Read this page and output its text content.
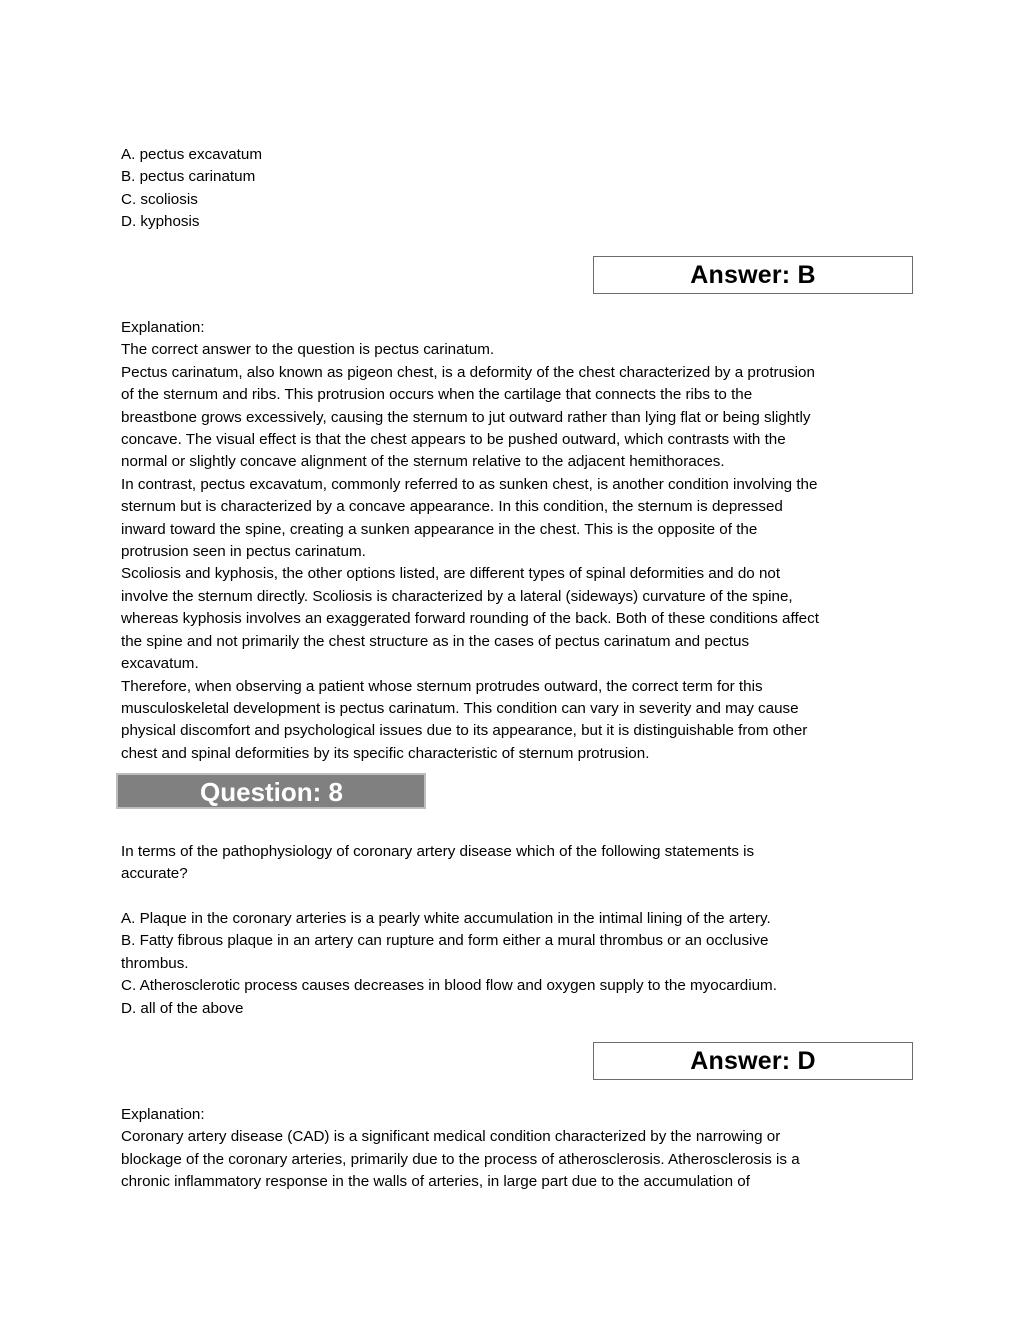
A. pectus excavatum
B. pectus carinatum
C. scoliosis
D. kyphosis
Answer: B
Explanation:
The correct answer to the question is pectus carinatum.
Pectus carinatum, also known as pigeon chest, is a deformity of the chest characterized by a protrusion
of the sternum and ribs. This protrusion occurs when the cartilage that connects the ribs to the
breastbone grows excessively, causing the sternum to jut outward rather than lying flat or being slightly
concave. The visual effect is that the chest appears to be pushed outward, which contrasts with the
normal or slightly concave alignment of the sternum relative to the adjacent hemithoraces.
In contrast, pectus excavatum, commonly referred to as sunken chest, is another condition involving the
sternum but is characterized by a concave appearance. In this condition, the sternum is depressed
inward toward the spine, creating a sunken appearance in the chest. This is the opposite of the
protrusion seen in pectus carinatum.
Scoliosis and kyphosis, the other options listed, are different types of spinal deformities and do not
involve the sternum directly. Scoliosis is characterized by a lateral (sideways) curvature of the spine,
whereas kyphosis involves an exaggerated forward rounding of the back. Both of these conditions affect
the spine and not primarily the chest structure as in the cases of pectus carinatum and pectus
excavatum.
Therefore, when observing a patient whose sternum protrudes outward, the correct term for this
musculoskeletal development is pectus carinatum. This condition can vary in severity and may cause
physical discomfort and psychological issues due to its appearance, but it is distinguishable from other
chest and spinal deformities by its specific characteristic of sternum protrusion.
Question: 8
In terms of the pathophysiology of coronary artery disease which of the following statements is
accurate?
A. Plaque in the coronary arteries is a pearly white accumulation in the intimal lining of the artery.
B. Fatty fibrous plaque in an artery can rupture and form either a mural thrombus or an occlusive
thrombus.
C. Atherosclerotic process causes decreases in blood flow and oxygen supply to the myocardium.
D. all of the above
Answer: D
Explanation:
Coronary artery disease (CAD) is a significant medical condition characterized by the narrowing or
blockage of the coronary arteries, primarily due to the process of atherosclerosis. Atherosclerosis is a
chronic inflammatory response in the walls of arteries, in large part due to the accumulation of
